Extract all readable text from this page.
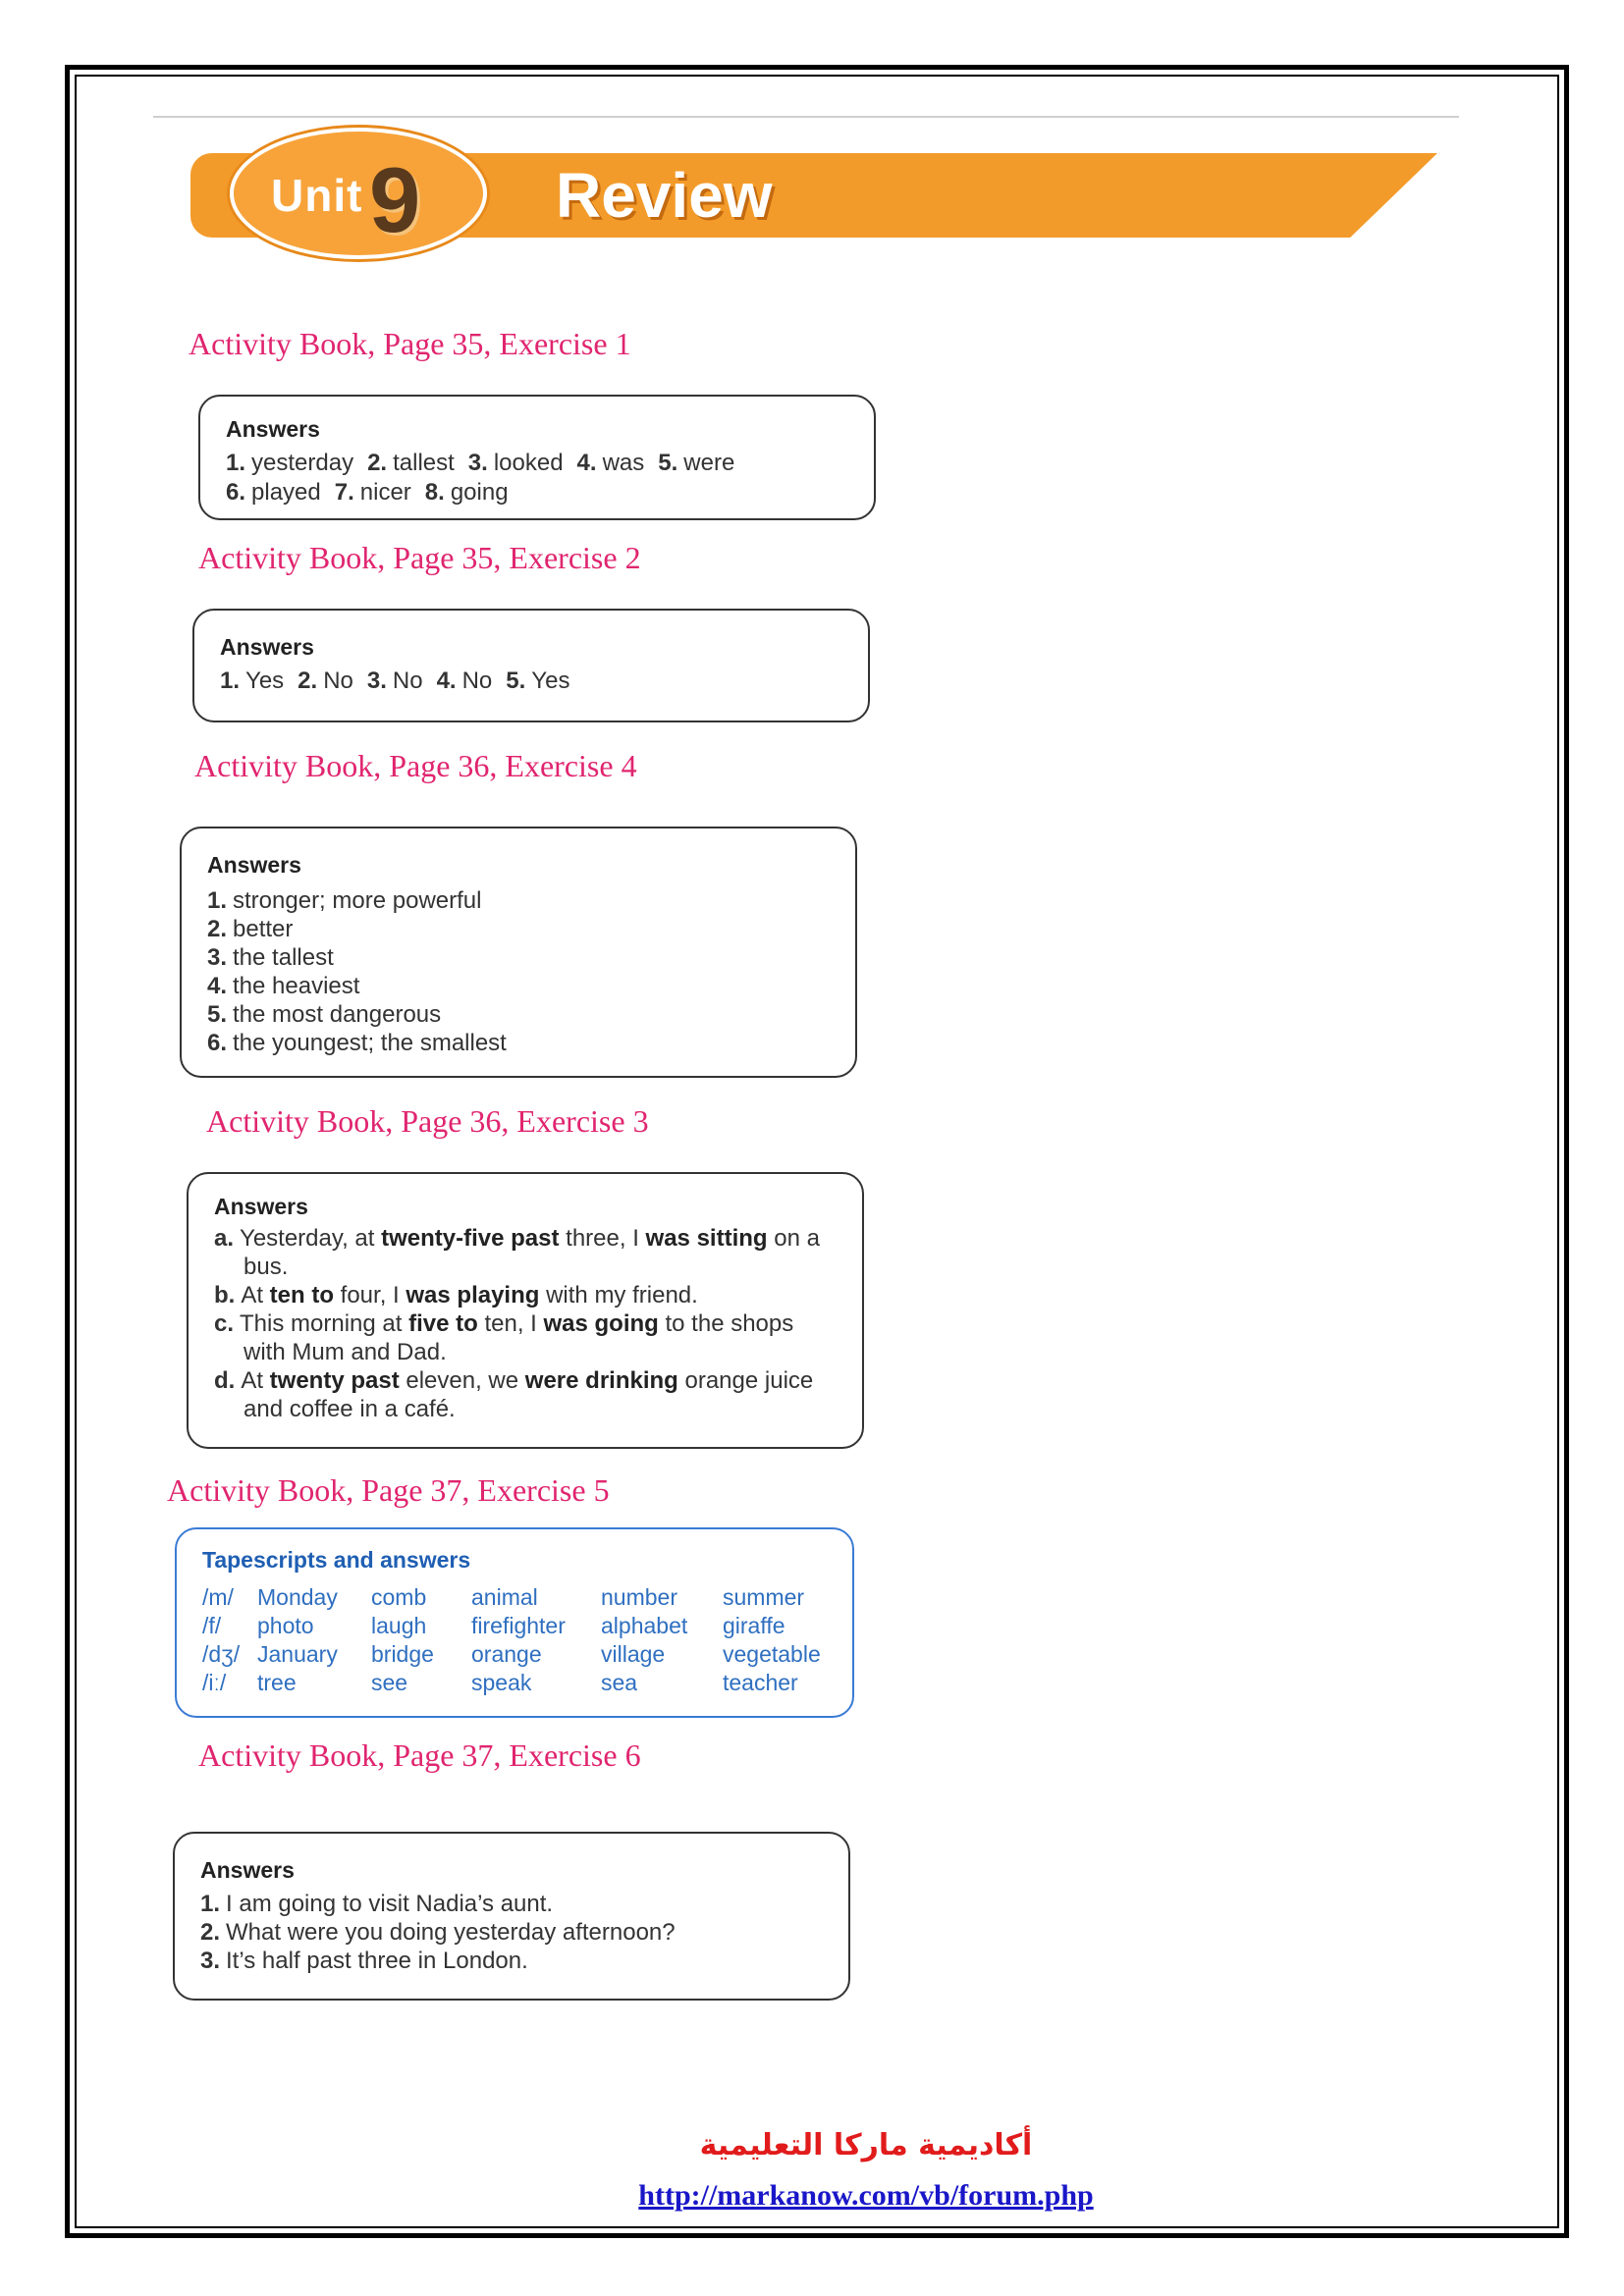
Unit 9 Review
Activity Book, Page 35, Exercise 1
Answers
1. yesterday 2. tallest 3. looked 4. was 5. were
6. played 7. nicer 8. going
Activity Book, Page 35, Exercise 2
Answers
1. Yes 2. No 3. No 4. No 5. Yes
Activity Book, Page 36, Exercise 4
Answers
1. stronger; more powerful
2. better
3. the tallest
4. the heaviest
5. the most dangerous
6. the youngest; the smallest
Activity Book, Page 36, Exercise 3
Answers
a. Yesterday, at twenty-five past three, I was sitting on a
bus.
b. At ten to four, I was playing with my friend.
c. This morning at five to ten, I was going to the shops
with Mum and Dad.
d. At twenty past eleven, we were drinking orange juice
and coffee in a café.
Activity Book, Page 37, Exercise 5
Tapescripts and answers
/m/ Monday comb animal	number summer
/f/ photo	laugh firefighter alphabet giraffe
/dʒ/ January bridge orange	village	vegetable
/iː/ tree	see	speak	sea	teacher
Activity Book, Page 37, Exercise 6
Answers
1. I am going to visit Nadia’s aunt.
2. What were you doing yesterday afternoon?
3. It’s half past three in London.
أكاديمية ماركا التعليمية
http://markanow.com/vb/forum.php
